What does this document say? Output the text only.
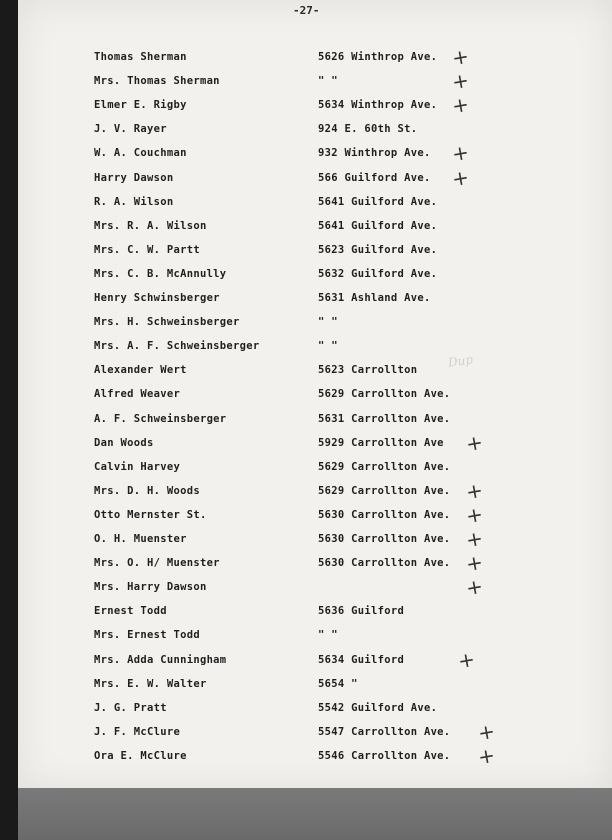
-27-
Dup
Thomas Sherman	5626 Winthrop Ave. +
Mrs. Thomas Sherman	" "	+
Elmer E. Rigby	5634 Winthrop Ave. +
J. V. Rayer	924 E. 60th St.
W. A. Couchman	932 Winthrop Ave. +
Harry Dawson	566 Guilford Ave. +
R. A. Wilson	5641 Guilford Ave.
Mrs. R. A. Wilson	5641 Guilford Ave.
Mrs. C. W. Partt	5623 Guilford Ave.
Mrs. C. B. McAnnully	5632 Guilford Ave.
Henry Schwinsberger	5631 Ashland Ave.
Mrs. H. Schweinsberger	" "
Mrs. A. F. Schweinsberger	" "
Alexander Wert	5623 Carrollton
Alfred Weaver	5629 Carrollton Ave.
A. F. Schweinsberger	5631 Carrollton Ave.
Dan Woods	5929 Carrollton Ave +
Calvin Harvey	5629 Carrollton Ave.
Mrs. D. H. Woods	5629 Carrollton Ave. +
Otto Mernster St.	5630 Carrollton Ave. +
O. H. Muenster	5630 Carrollton Ave. +
Mrs. O. H/ Muenster	5630 Carrollton Ave. +
Mrs. Harry Dawson	+
Ernest Todd	5636 Guilford
Mrs. Ernest Todd	" "
Mrs. Adda Cunningham	5634 Guilford	+
Mrs. E. W. Walter	5654 "
J. G. Pratt	5542 Guilford Ave.
J. F. McClure	5547 Carrollton Ave. +
Ora E. McClure	5546 Carrollton Ave. +
